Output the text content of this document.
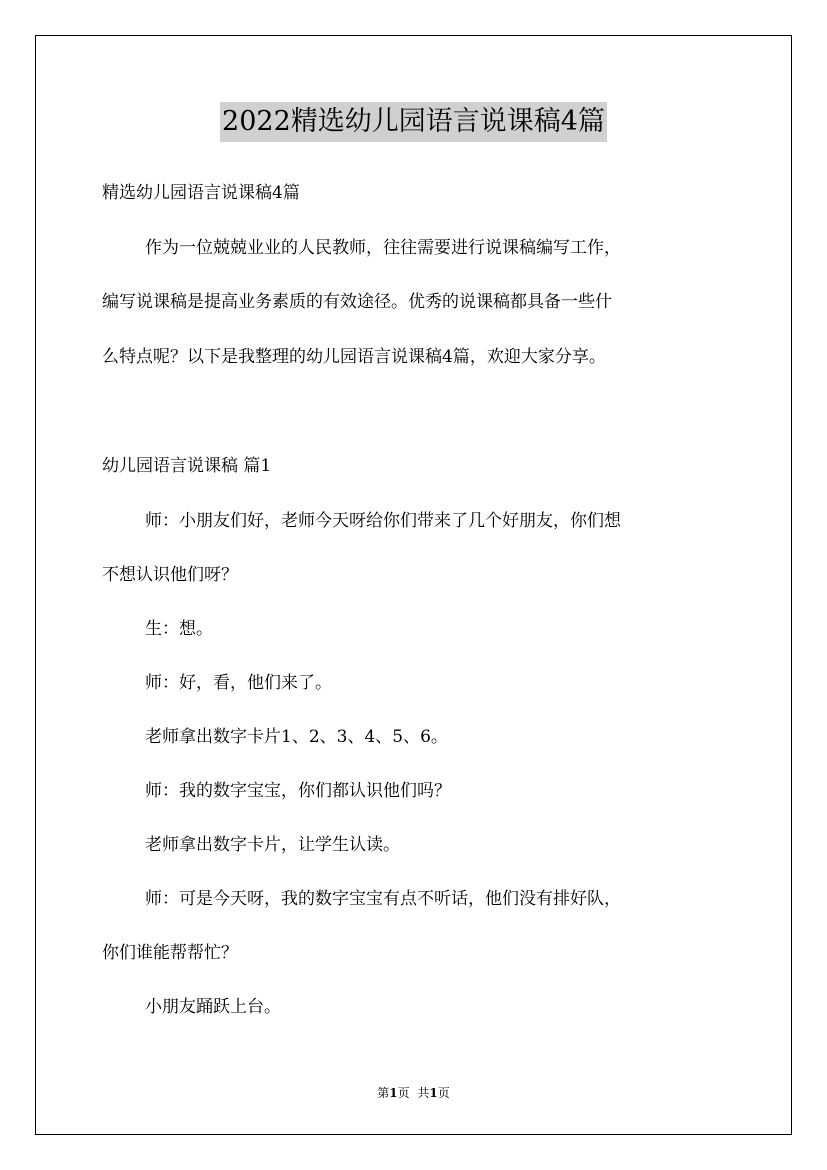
2022精选幼儿园语言说课稿4篇
精选幼儿园语言说课稿4篇
作为一位兢兢业业的人民教师，往往需要进行说课稿编写工作，
编写说课稿是提高业务素质的有效途径。优秀的说课稿都具备一些什
么特点呢？以下是我整理的幼儿园语言说课稿4篇，欢迎大家分享。
幼儿园语言说课稿 篇1
师：小朋友们好，老师今天呀给你们带来了几个好朋友，你们想
不想认识他们呀？
生：想。
师：好，看，他们来了。
老师拿出数字卡片1、2、3、4、5、6。
师：我的数字宝宝，你们都认识他们吗？
老师拿出数字卡片，让学生认读。
师：可是今天呀，我的数字宝宝有点不听话，他们没有排好队，
你们谁能帮帮忙？
小朋友踊跃上台。
第1页 共1页
